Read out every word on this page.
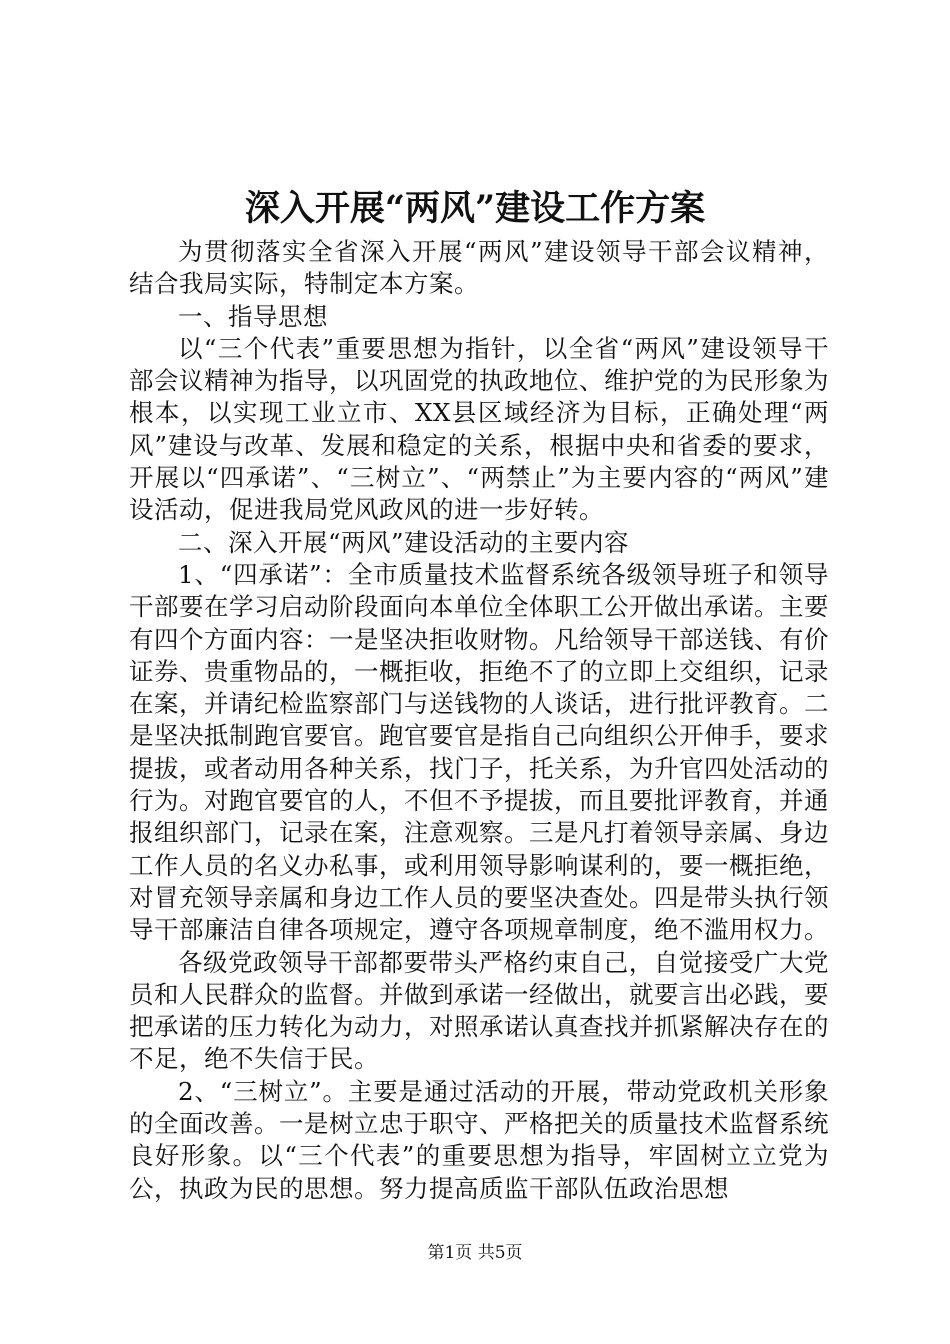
深入开展“两风”建设工作方案

为贯彻落实全省深入开展“两风”建设领导干部会议精神，结合我局实际，特制定本方案。

一、指导思想

以“三个代表”重要思想为指针，以全省“两风”建设领导干部会议精神为指导，以巩固党的执政地位、维护党的为民形象为根本，以实现工业立市、XX县区域经济为目标，正确处理“两风”建设与改革、发展和稳定的关系，根据中央和省委的要求，开展以“四承诺”、“三树立”、“两禁止”为主要内容的“两风”建设活动，促进我局党风政风的进一步好转。

二、深入开展“两风”建设活动的主要内容

1、“四承诺”：全市质量技术监督系统各级领导班子和领导干部要在学习启动阶段面向本单位全体职工公开做出承诺。主要有四个方面内容：一是坚决拒收财物。凡给领导干部送钱、有价证券、贵重物品的，一概拒收，拒绝不了的立即上交组织，记录在案，并请纪检监察部门与送钱物的人谈话，进行批评教育。二是坚决抵制跑官要官。跑官要官是指自己向组织公开伸手，要求提拔，或者动用各种关系，找门子，托关系，为升官四处活动的行为。对跑官要官的人，不但不予提拔，而且要批评教育，并通报组织部门，记录在案，注意观察。三是凡打着领导亲属、身边工作人员的名义办私事，或利用领导影响谋利的，要一概拒绝，对冒充领导亲属和身边工作人员的要坚决查处。四是带头执行领导干部廉洁自律各项规定，遵守各项规章制度，绝不滥用权力。

各级党政领导干部都要带头严格约束自己，自觉接受广大党员和人民群众的监督。并做到承诺一经做出，就要言出必践，要把承诺的压力转化为动力，对照承诺认真查找并抓紧解决存在的不足，绝不失信于民。

2、“三树立”。主要是通过活动的开展，带动党政机关形象的全面改善。一是树立忠于职守、严格把关的质量技术监督系统良好形象。以“三个代表”的重要思想为指导，牢固树立立党为公，执政为民的思想。努力提高质监干部队伍政治思想

第1页 共5页
